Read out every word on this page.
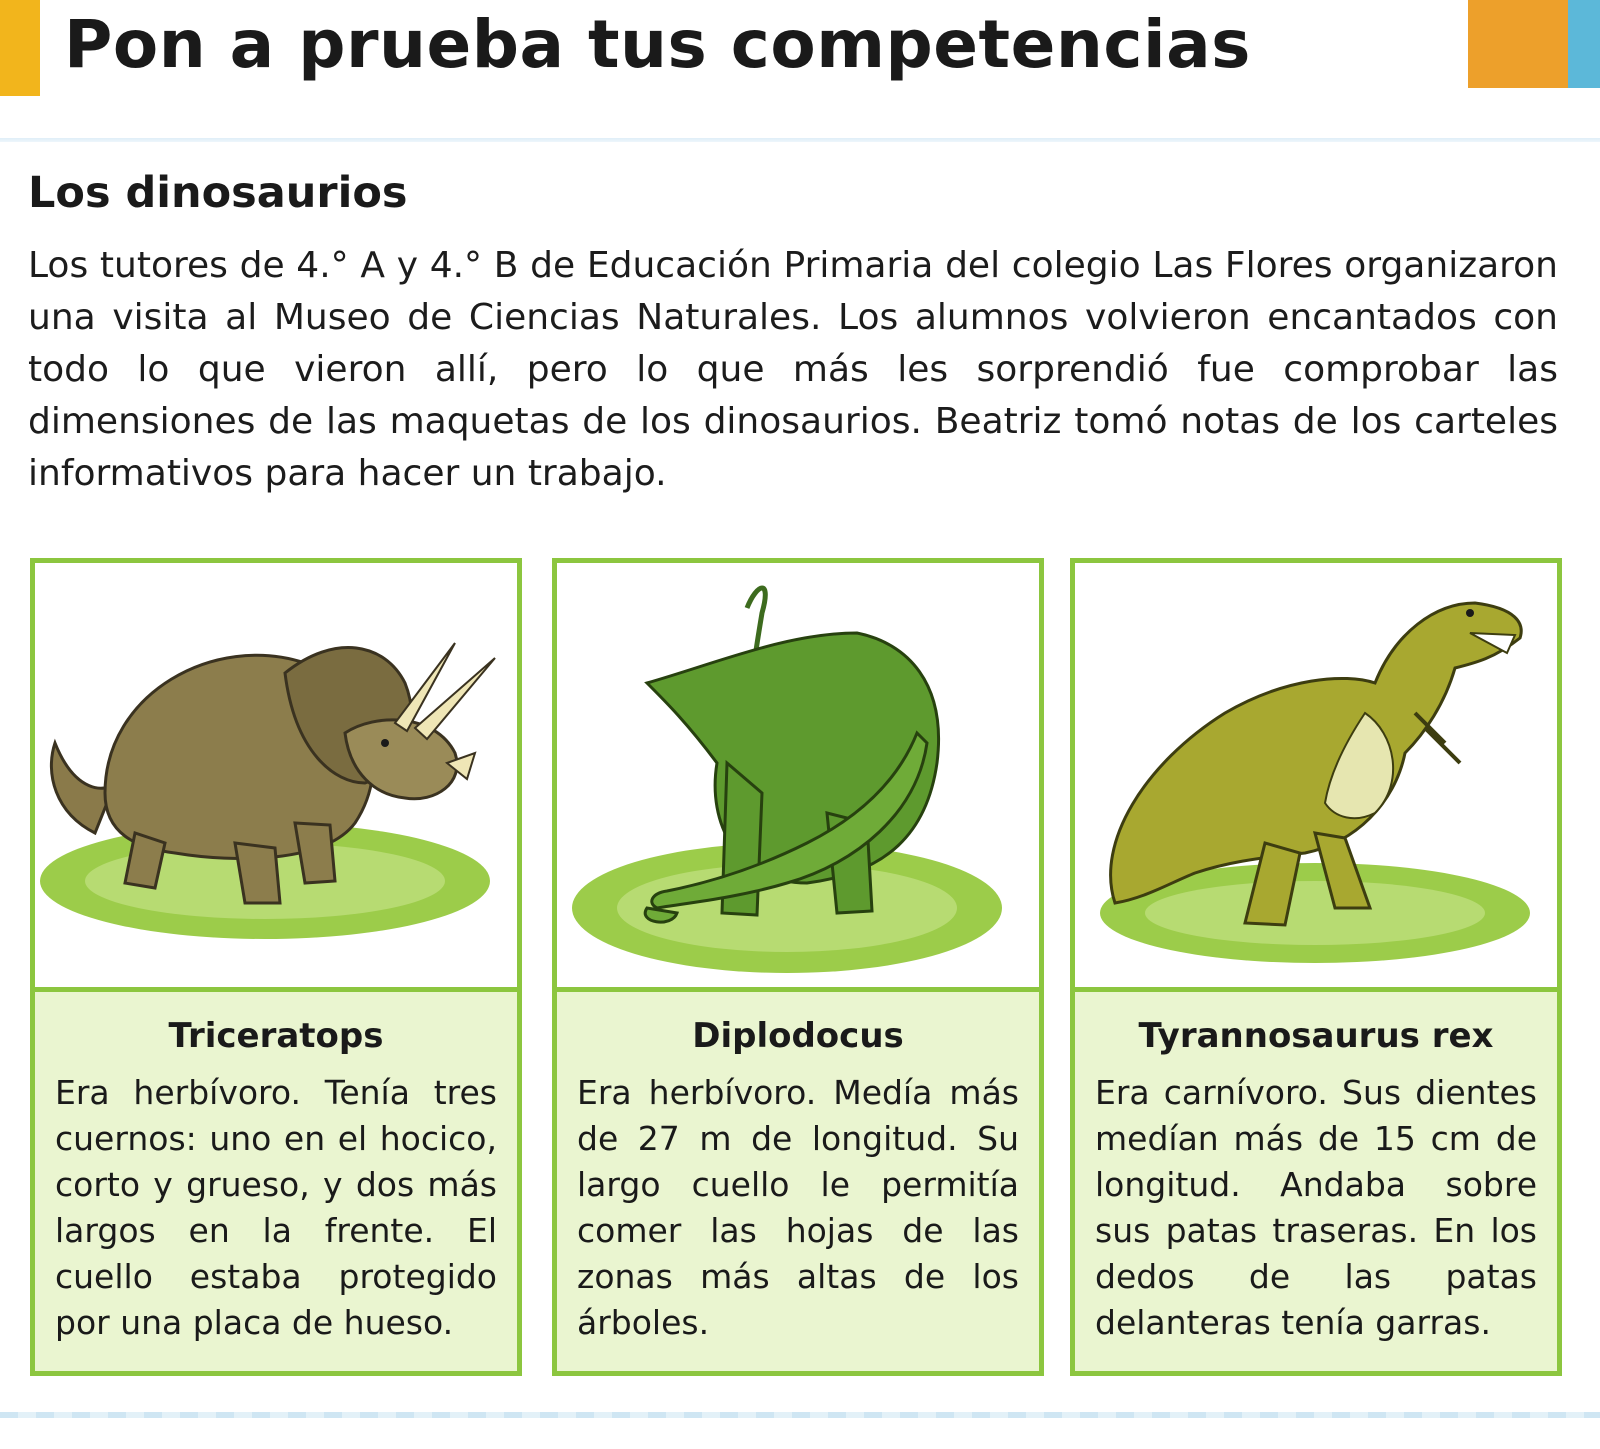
Pon a prueba tus competencias
Los dinosaurios

Los tutores de 4.° A y 4.° B de Educación Primaria del colegio Las Flores organizaron una visita al Museo de Ciencias Naturales. Los alumnos volvieron encantados con todo lo que vieron allí, pero lo que más les sorprendió fue comprobar las dimensiones de las maquetas de los dinosaurios. Beatriz tomó notas de los carteles informativos para hacer un trabajo.

Triceratops

Era herbívoro. Tenía tres cuernos: uno en el hocico, corto y grueso, y dos más largos en la frente. El cuello estaba protegido por una placa de hueso.

Diplodocus

Era herbívoro. Medía más de 27 m de longitud. Su largo cuello le permitía comer las hojas de las zonas más altas de los árboles.

Tyrannosaurus rex

Era carnívoro. Sus dientes medían más de 15 cm de longitud. Andaba sobre sus patas traseras. En los dedos de las patas delanteras tenía garras.
